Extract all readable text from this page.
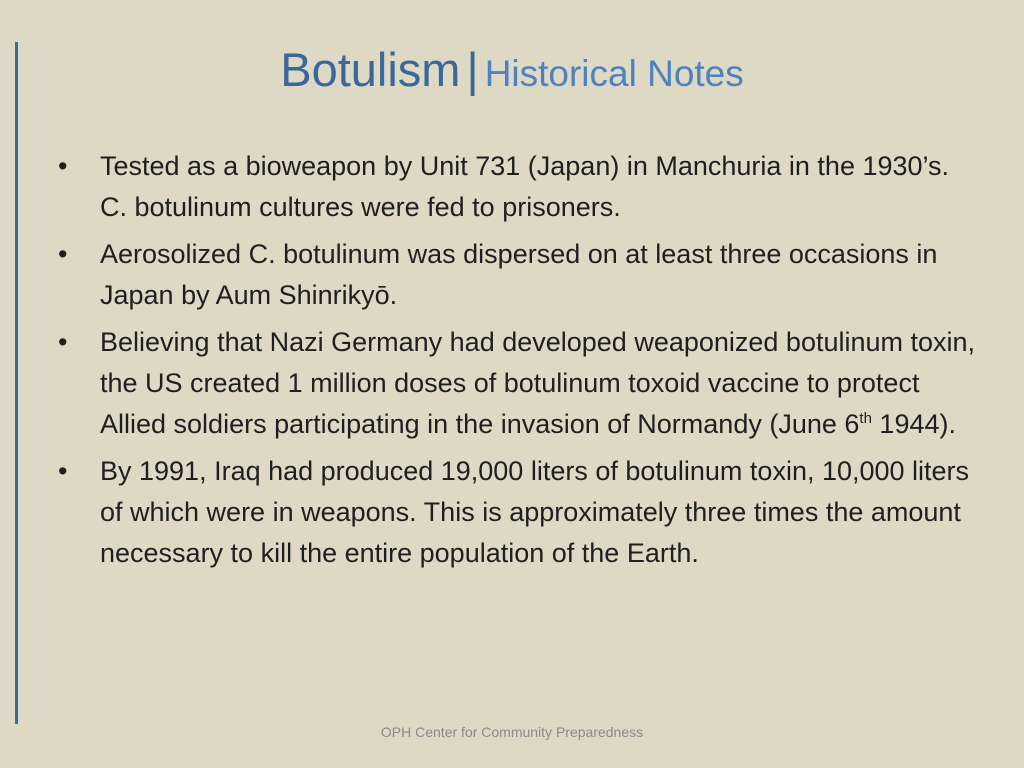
Botulism | Historical Notes
•	Tested as a bioweapon by Unit 731 (Japan) in Manchuria in the 1930’s. C. botulinum cultures were fed to prisoners.
•	Aerosolized C. botulinum was dispersed on at least three occasions in Japan by Aum Shinrikyō.
•	Believing that Nazi Germany had developed weaponized botulinum toxin, the US created 1 million doses of botulinum toxoid vaccine to protect Allied soldiers participating in the invasion of Normandy (June 6th 1944).
•	By 1991, Iraq had produced 19,000 liters of botulinum toxin, 10,000 liters of which were in weapons. This is approximately three times the amount necessary to kill the entire population of the Earth.
OPH Center for Community Preparedness
